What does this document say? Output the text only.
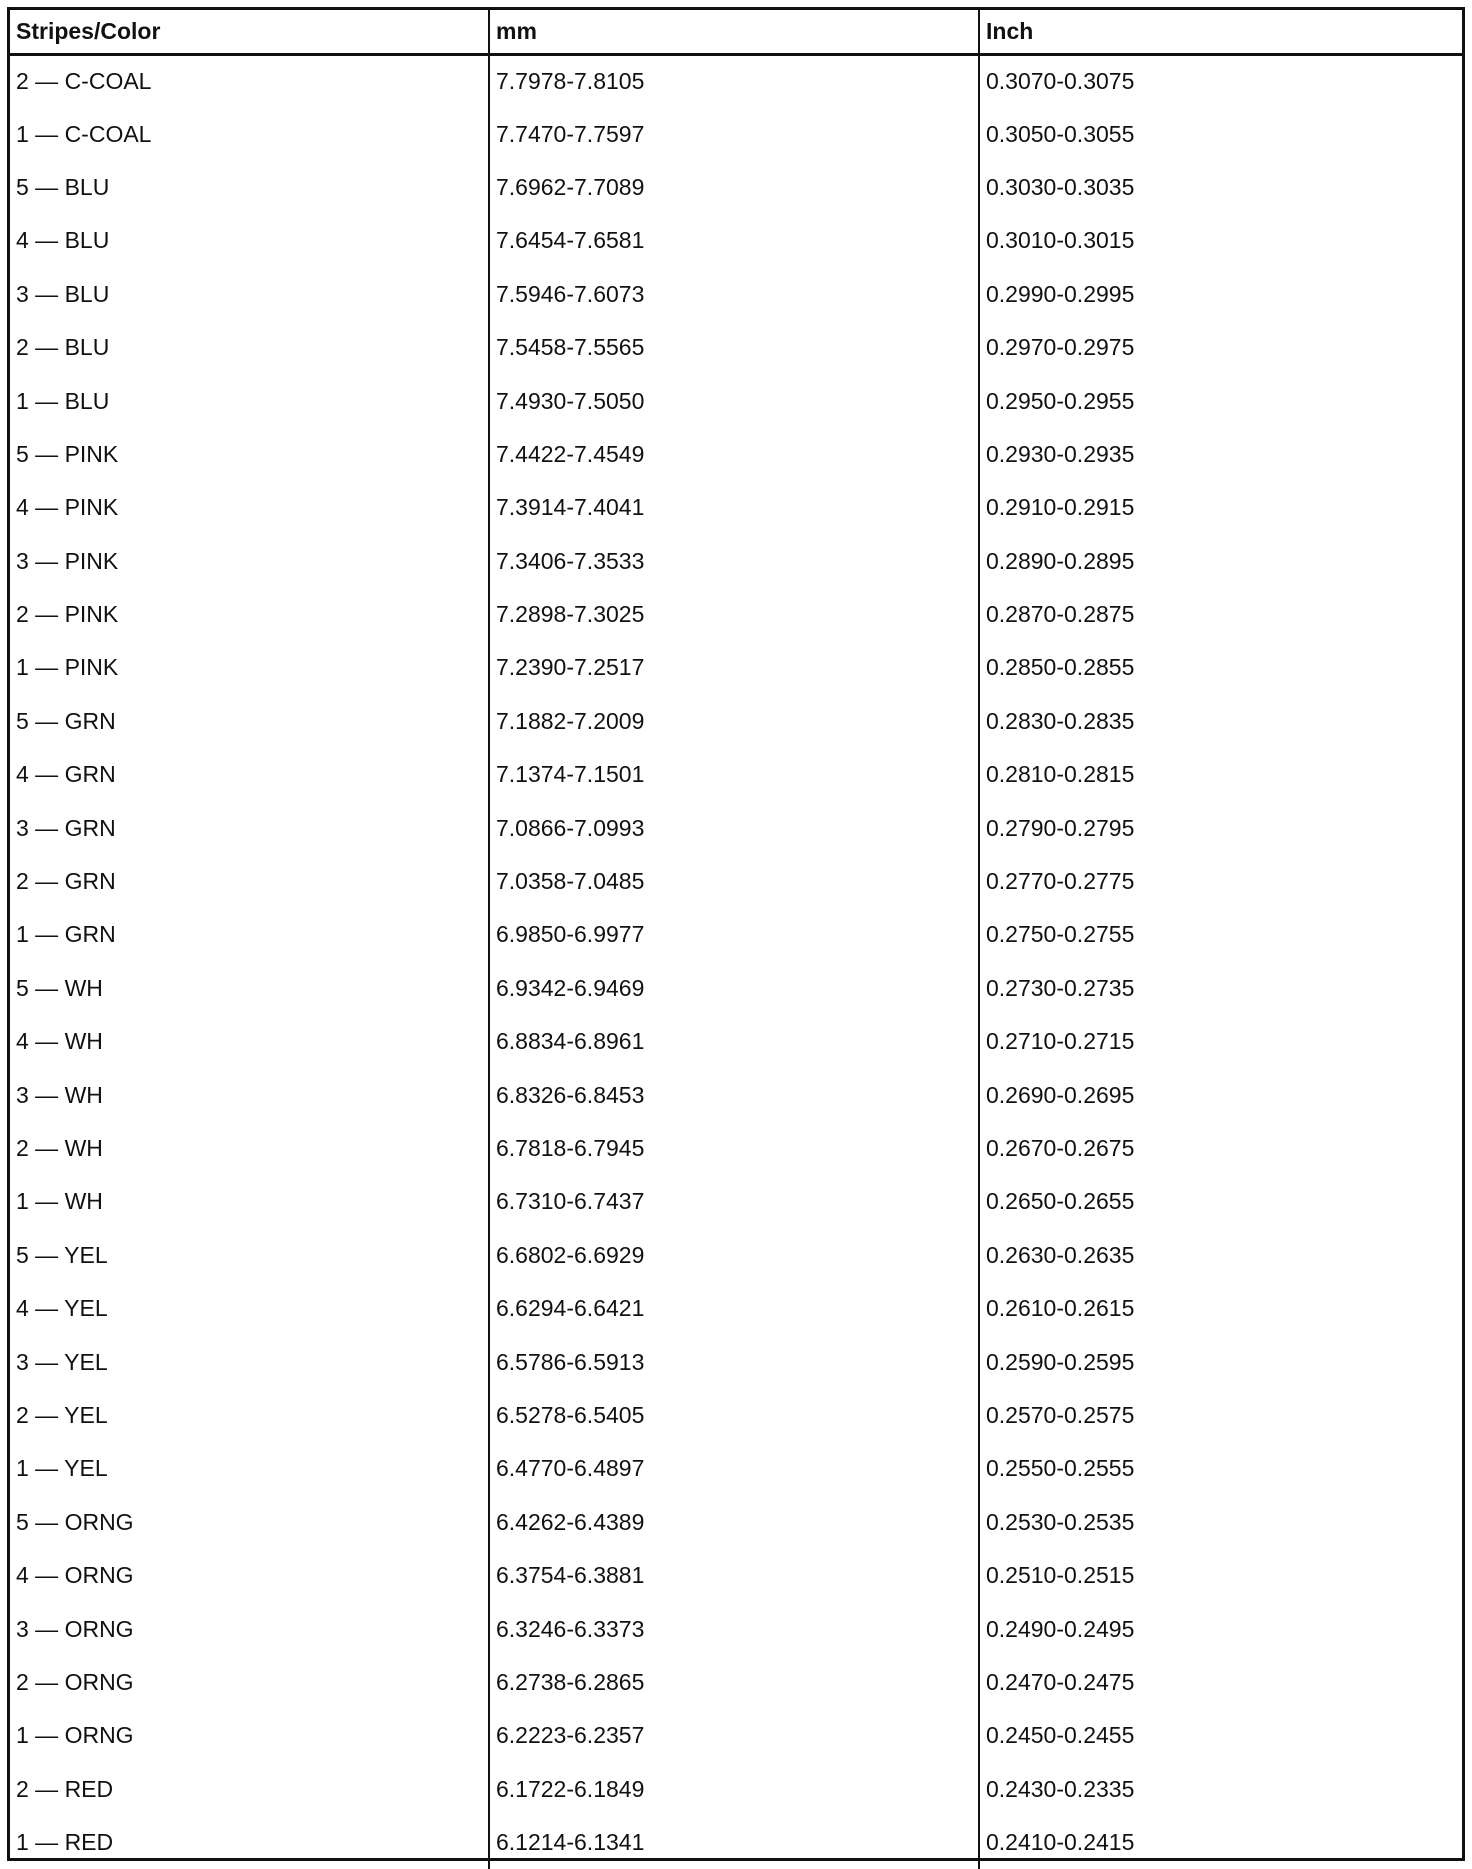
Stripes/Color	mm	Inch
2 — C-COAL	7.7978-7.8105	0.3070-0.3075
1 — C-COAL	7.7470-7.7597	0.3050-0.3055
5 — BLU	7.6962-7.7089	0.3030-0.3035
4 — BLU	7.6454-7.6581	0.3010-0.3015
3 — BLU	7.5946-7.6073	0.2990-0.2995
2 — BLU	7.5458-7.5565	0.2970-0.2975
1 — BLU	7.4930-7.5050	0.2950-0.2955
5 — PINK	7.4422-7.4549	0.2930-0.2935
4 — PINK	7.3914-7.4041	0.2910-0.2915
3 — PINK	7.3406-7.3533	0.2890-0.2895
2 — PINK	7.2898-7.3025	0.2870-0.2875
1 — PINK	7.2390-7.2517	0.2850-0.2855
5 — GRN	7.1882-7.2009	0.2830-0.2835
4 — GRN	7.1374-7.1501	0.2810-0.2815
3 — GRN	7.0866-7.0993	0.2790-0.2795
2 — GRN	7.0358-7.0485	0.2770-0.2775
1 — GRN	6.9850-6.9977	0.2750-0.2755
5 — WH	6.9342-6.9469	0.2730-0.2735
4 — WH	6.8834-6.8961	0.2710-0.2715
3 — WH	6.8326-6.8453	0.2690-0.2695
2 — WH	6.7818-6.7945	0.2670-0.2675
1 — WH	6.7310-6.7437	0.2650-0.2655
5 — YEL	6.6802-6.6929	0.2630-0.2635
4 — YEL	6.6294-6.6421	0.2610-0.2615
3 — YEL	6.5786-6.5913	0.2590-0.2595
2 — YEL	6.5278-6.5405	0.2570-0.2575
1 — YEL	6.4770-6.4897	0.2550-0.2555
5 — ORNG	6.4262-6.4389	0.2530-0.2535
4 — ORNG	6.3754-6.3881	0.2510-0.2515
3 — ORNG	6.3246-6.3373	0.2490-0.2495
2 — ORNG	6.2738-6.2865	0.2470-0.2475
1 — ORNG	6.2223-6.2357	0.2450-0.2455
2 — RED	6.1722-6.1849	0.2430-0.2335
1 — RED	6.1214-6.1341	0.2410-0.2415
